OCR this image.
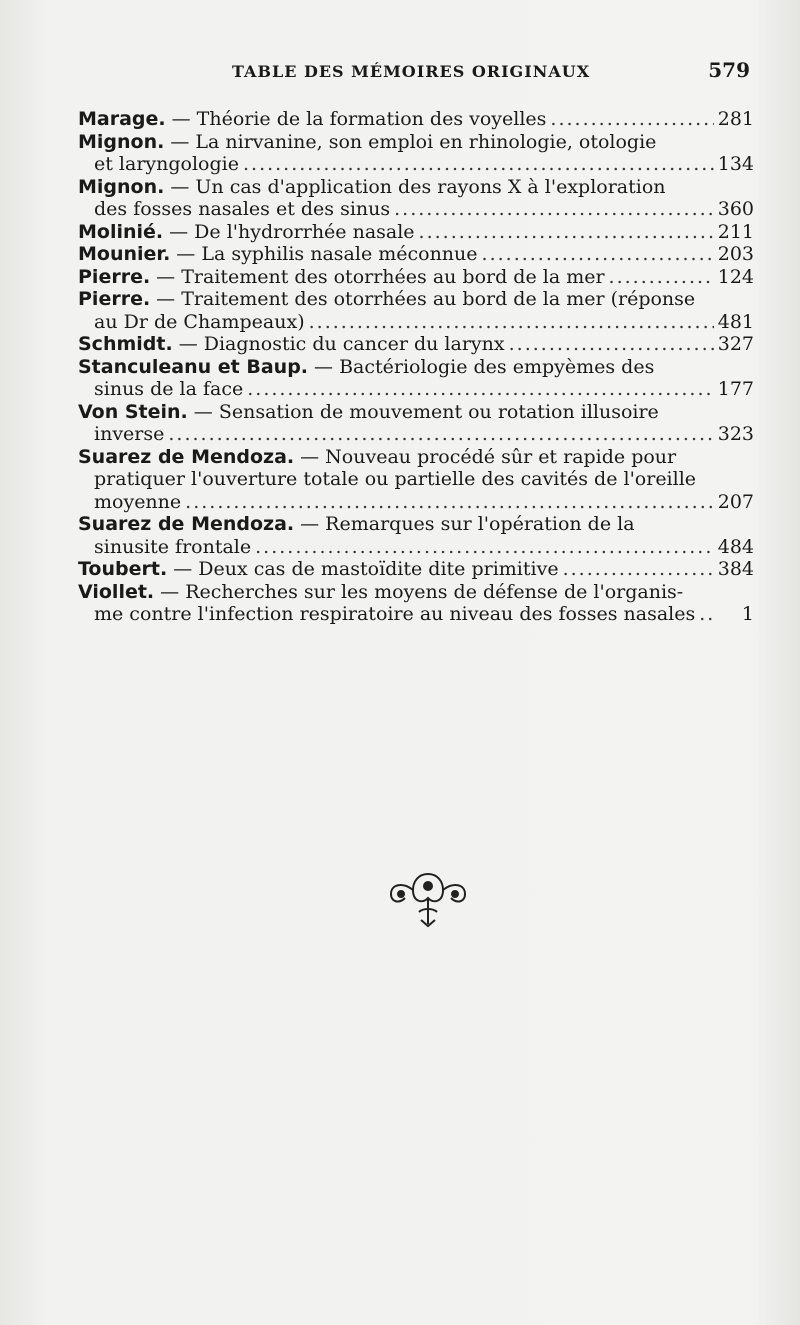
TABLE DES MÉMOIRES ORIGINAUX	579
Marage. — Théorie de la formation des voyelles .....	281
Mignon. — La nirvanine, son emploi en rhinologie, otologie
et laryngologie .....	134
Mignon. — Un cas d'application des rayons X à l'exploration
des fosses nasales et des sinus .....	360
Molinié. — De l'hydrorrhée nasale .....	211
Mounier. — La syphilis nasale méconnue .....	203
Pierre. — Traitement des otorrhées au bord de la mer .....	124
Pierre. — Traitement des otorrhées au bord de la mer (réponse
au Dr de Champeaux) .....	481
Schmidt. — Diagnostic du cancer du larynx .....	327
Stanculeanu et Baup. — Bactériologie des empyèmes des
sinus de la face .....	177
Von Stein. — Sensation de mouvement ou rotation illusoire
inverse .....	323
Suarez de Mendoza. — Nouveau procédé sûr et rapide pour
pratiquer l'ouverture totale ou partielle des cavités de l'oreille
moyenne .....	207
Suarez de Mendoza. — Remarques sur l'opération de la
sinusite frontale .....	484
Toubert. — Deux cas de mastoïdite dite primitive .....	384
Viollet. — Recherches sur les moyens de défense de l'organis-
me contre l'infection respiratoire au niveau des fosses nasales .....	1
